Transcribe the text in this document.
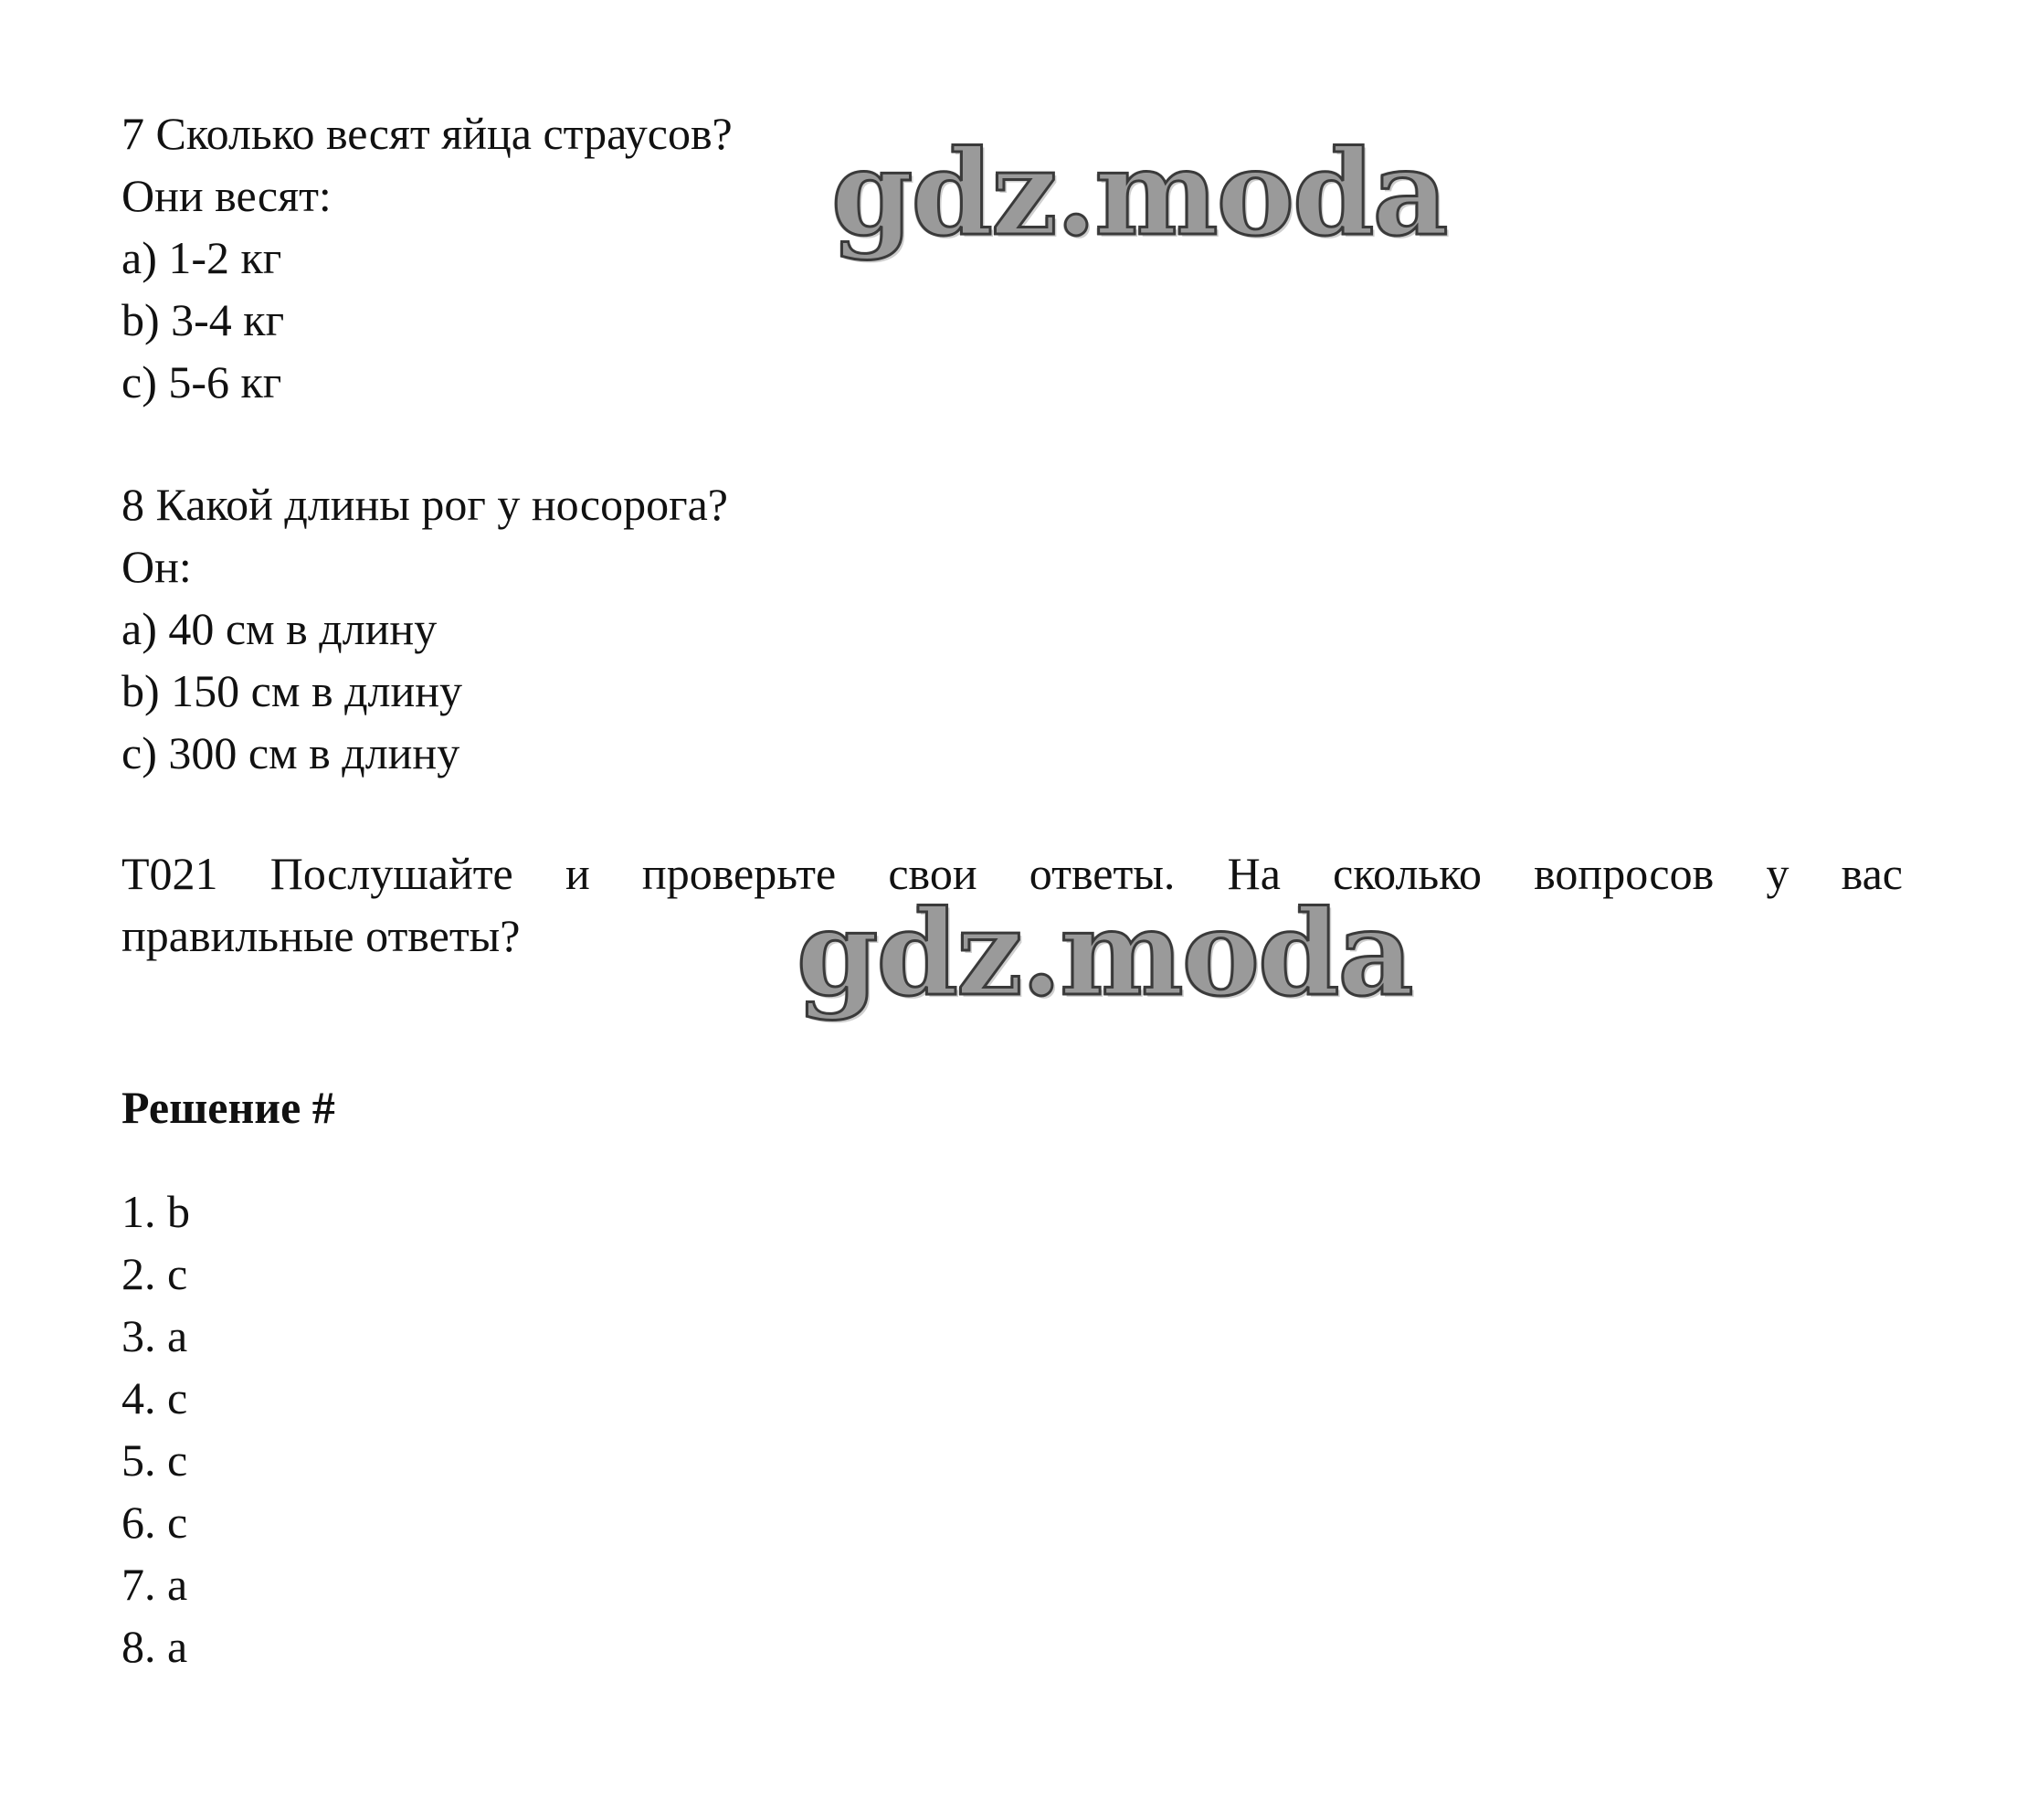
7 Сколько весят яйца страусов?
Они весят:
a) 1-2 кг
b) 3-4 кг
c) 5-6 кг
8 Какой длины рог у носорога?
Он:
a) 40 см в длину
b) 150 см в длину
c) 300 см в длину
T021 Послушайте и проверьте свои ответы. На сколько вопросов у вас
правильные ответы?
Решение #
1. b
2. c
3. a
4. c
5. c
6. c
7. a
8. a
gdz.moda
gdz.moda
